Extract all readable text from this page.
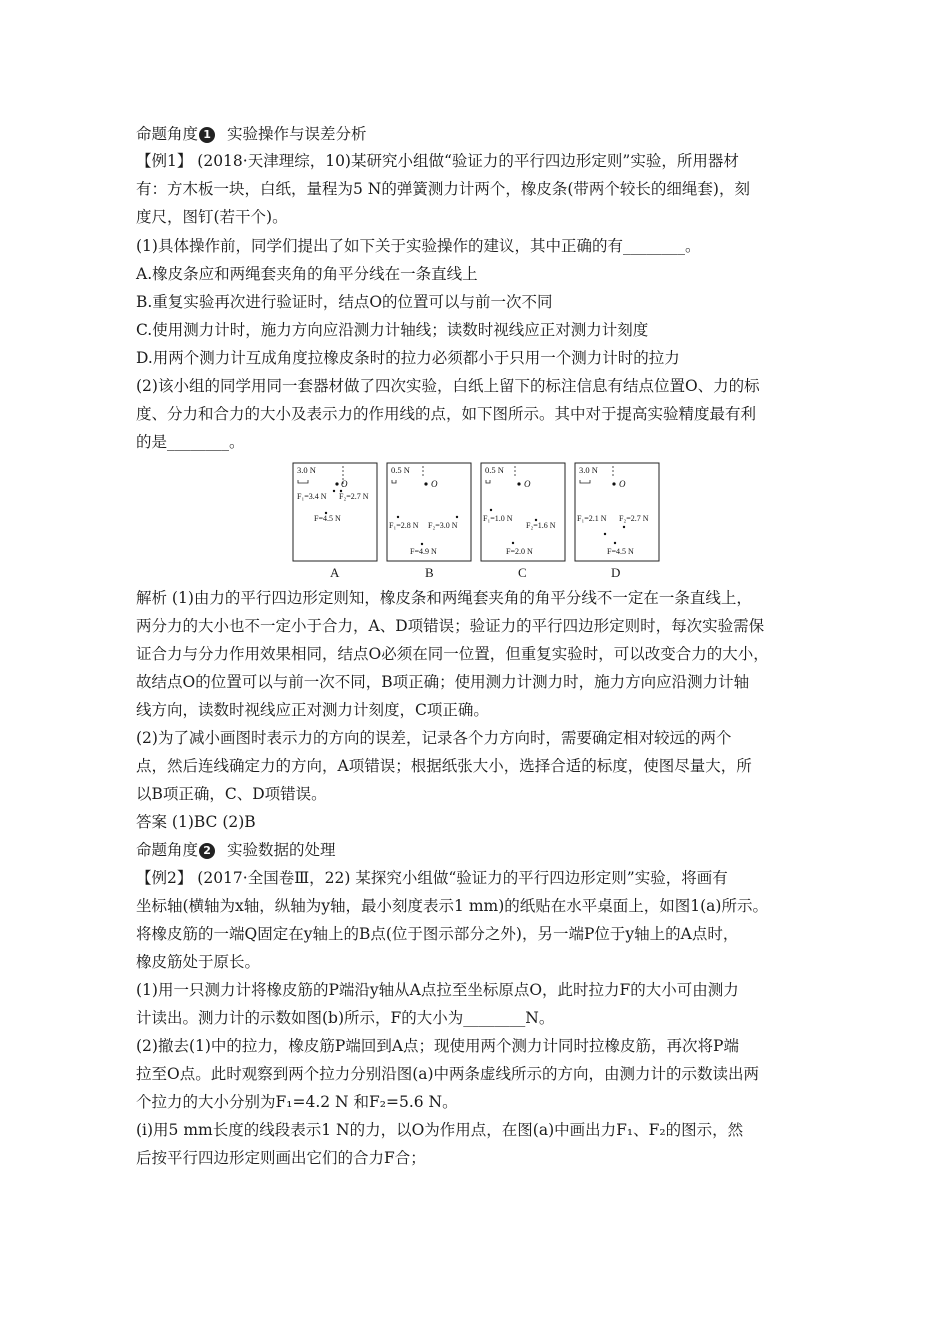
命题角度 1 实验操作与误差分析
【例1】 (2018·天津理综，10)某研究小组做“验证力的平行四边形定则”实验，所用器材
有：方木板一块，白纸，量程为5 N的弹簧测力计两个，橡皮条(带两个较长的细绳套)，刻
度尺，图钉(若干个)。
(1)具体操作前，同学们提出了如下关于实验操作的建议，其中正确的有________。
A.橡皮条应和两绳套夹角的角平分线在一条直线上
B.重复实验再次进行验证时，结点O的位置可以与前一次不同
C.使用测力计时，施力方向应沿测力计轴线；读数时视线应正对测力计刻度
D.用两个测力计互成角度拉橡皮条时的拉力必须都小于只用一个测力计时的拉力
(2)该小组的同学用同一套器材做了四次实验，白纸上留下的标注信息有结点位置O、力的标
度、分力和合力的大小及表示力的作用线的点，如下图所示。其中对于提高实验精度最有利
的是________。
3.0 N
O
F₁=3.4 N F₂=2.7 N
F=4.5 N
0.5 N
O
F₁=2.8 N F₂=3.0 N
F=4.9 N
0.5 N
O
F₁=1.0 N
F₂=1.6 N
F=2.0 N
3.0 N
O
F₁=2.1 N F₂=2.7 N
F=4.5 N
A	B	C	D
解析 (1)由力的平行四边形定则知，橡皮条和两绳套夹角的角平分线不一定在一条直线上，
两分力的大小也不一定小于合力，A、D项错误；验证力的平行四边形定则时，每次实验需保
证合力与分力作用效果相同，结点O必须在同一位置，但重复实验时，可以改变合力的大小，
故结点O的位置可以与前一次不同，B项正确；使用测力计测力时，施力方向应沿测力计轴
线方向，读数时视线应正对测力计刻度，C项正确。
(2)为了减小画图时表示力的方向的误差，记录各个力方向时，需要确定相对较远的两个
点，然后连线确定力的方向，A项错误；根据纸张大小，选择合适的标度，使图尽量大，所
以B项正确，C、D项错误。
答案 (1)BC (2)B
命题角度 2 实验数据的处理
【例2】 (2017·全国卷Ⅲ，22) 某探究小组做“验证力的平行四边形定则”实验，将画有
坐标轴(横轴为x轴，纵轴为y轴，最小刻度表示1 mm)的纸贴在水平桌面上，如图1(a)所示。
将橡皮筋的一端Q固定在y轴上的B点(位于图示部分之外)，另一端P位于y轴上的A点时，
橡皮筋处于原长。
(1)用一只测力计将橡皮筋的P端沿y轴从A点拉至坐标原点O，此时拉力F的大小可由测力
计读出。测力计的示数如图(b)所示，F的大小为________N。
(2)撤去(1)中的拉力，橡皮筋P端回到A点；现使用两个测力计同时拉橡皮筋，再次将P端
拉至O点。此时观察到两个拉力分别沿图(a)中两条虚线所示的方向，由测力计的示数读出两
个拉力的大小分别为F₁=4.2 N 和F₂=5.6 N。
(ⅰ)用5 mm长度的线段表示1 N的力，以O为作用点，在图(a)中画出力F₁、F₂的图示，然
后按平行四边形定则画出它们的合力F合；
